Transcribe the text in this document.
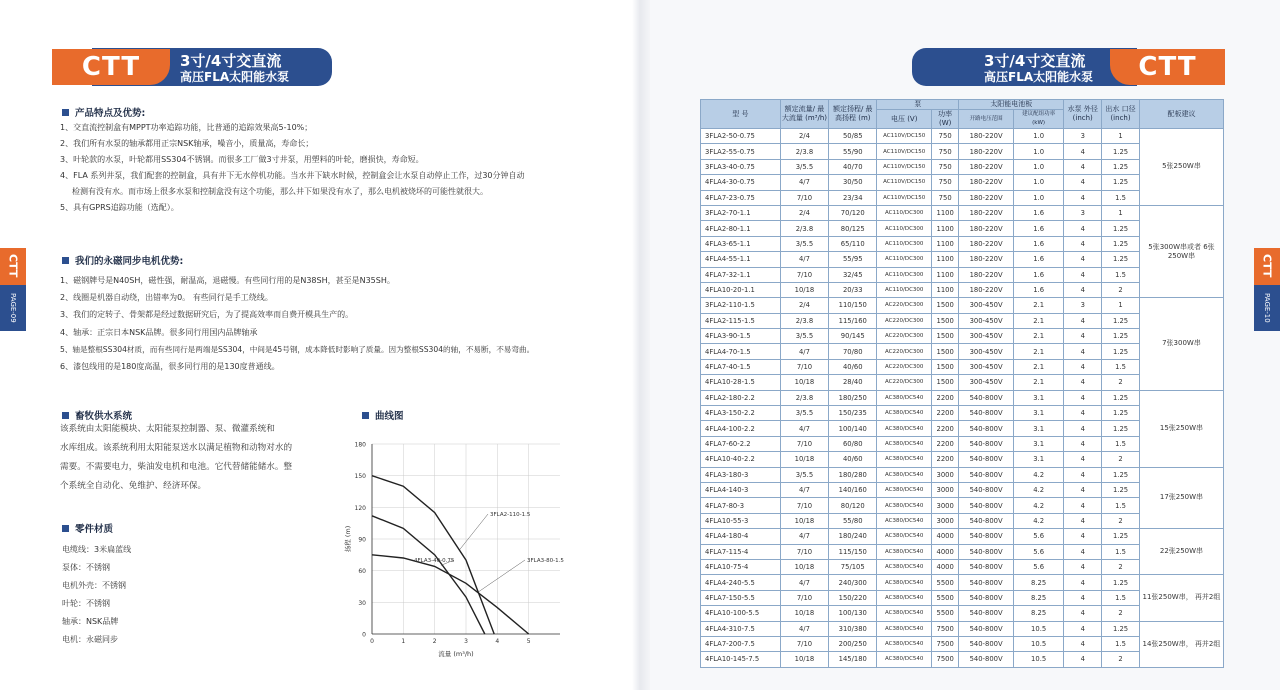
CTT	3寸/4寸交直流
高压FLA太阳能水泵
3寸/4寸交直流
高压FLA太阳能水泵	CTT
CTT
PAGE-09
CTT
PAGE-10
产品特点及优势:

1、交直流控制盒有MPPT功率追踪功能，比普通的追踪效果高5-10%；

2、我们所有水泵的轴承都用正宗NSK轴承，噪音小，质量高，寿命长；

3、叶轮款的水泵，叶轮都用SS304不锈钢。而很多工厂做3寸井泵，用塑料的叶轮，磨损快，寿命短。

4、FLA 系列井泵，我们配套的控制盒，具有井下无水停机功能。当水井下缺水时候，控制盒会让水泵自动停止工作，过30分钟自动

检测有没有水。而市场上很多水泵和控制盒没有这个功能，那么井下如果没有水了，那么电机被烧坏的可能性就很大。

5、具有GPRS追踪功能（选配）。

我们的永磁同步电机优势:

1、磁钢牌号是N40SH，磁性强，耐温高，退磁慢。有些同行用的是N38SH，甚至是N35SH。

2、线圈是机器自动绕，出错率为0。 有些同行是手工绕线。

3、我们的定转子、骨架都是经过数据研究后，为了提高效率而自费开模具生产的。

4、轴承：正宗日本NSK品牌。很多同行用国内品牌轴承

5、轴是整根SS304材质，而有些同行是两端是SS304，中间是45号钢，成本降低时影响了质量。因为整根SS304的轴，不易断，不易弯曲。

6、漆包线用的是180度高温，很多同行用的是130度普通线。

畜牧供水系统

该系统由太阳能模块、太阳能泵控制器、泵、微灌系统和

水库组成。该系统利用太阳能泵送水以满足植物和动物对水的

需要。不需要电力，柴油发电机和电池。它代替储能储水。整

个系统全自动化、免维护、经济环保。

零件材质

电缆线：3米扁蓝线

泵体：不锈钢

电机外壳：不锈钢

叶轮：不锈钢

轴承：NSK品牌

电机：永磁同步

曲线图
0
30
60
90
120
150
180
0	1	2	3	4	5
3FLA2-110-1.5
4FLA3-40-0.75	3FLA3-80-1.5
扬程 (m)
流量 (m³/h)
型 号	额定流量/ 最大流量 (m³/h)	额定扬程/ 最高扬程 (m)	泵		太阳能电池板		水泵 外径 (inch)	出水 口径 (inch)	配板建议
			电压 (V)	功率 (W)	开路电压范围	建议配组功率 (kW)			
3FLA2-50-0.75	2/4	50/85	AC110V/DC150	750	180-220V	1.0	3	1	5张250W串
3FLA2-55-0.75	2/3.8	55/90	AC110V/DC150	750	180-220V	1.0	4	1.25	
3FLA3-40-0.75	3/5.5	40/70	AC110V/DC150	750	180-220V	1.0	4	1.25	
4FLA4-30-0.75	4/7	30/50	AC110V/DC150	750	180-220V	1.0	4	1.25	
4FLA7-23-0.75	7/10	23/34	AC110V/DC150	750	180-220V	1.0	4	1.5	
3FLA2-70-1.1	2/4	70/120	AC110/DC300	1100	180-220V	1.6	3	1	5张300W串或者 6张250W串
4FLA2-80-1.1	2/3.8	80/125	AC110/DC300	1100	180-220V	1.6	4	1.25	
4FLA3-65-1.1	3/5.5	65/110	AC110/DC300	1100	180-220V	1.6	4	1.25	
4FLA4-55-1.1	4/7	55/95	AC110/DC300	1100	180-220V	1.6	4	1.25	
4FLA7-32-1.1	7/10	32/45	AC110/DC300	1100	180-220V	1.6	4	1.5	
4FLA10-20-1.1	10/18	20/33	AC110/DC300	1100	180-220V	1.6	4	2	
3FLA2-110-1.5	2/4	110/150	AC220/DC300	1500	300-450V	2.1	3	1	7张300W串
4FLA2-115-1.5	2/3.8	115/160	AC220/DC300	1500	300-450V	2.1	4	1.25	
4FLA3-90-1.5	3/5.5	90/145	AC220/DC300	1500	300-450V	2.1	4	1.25	
4FLA4-70-1.5	4/7	70/80	AC220/DC300	1500	300-450V	2.1	4	1.25	
4FLA7-40-1.5	7/10	40/60	AC220/DC300	1500	300-450V	2.1	4	1.5	
4FLA10-28-1.5	10/18	28/40	AC220/DC300	1500	300-450V	2.1	4	2	
4FLA2-180-2.2	2/3.8	180/250	AC380/DC540	2200	540-800V	3.1	4	1.25	15张250W串
4FLA3-150-2.2	3/5.5	150/235	AC380/DC540	2200	540-800V	3.1	4	1.25	
4FLA4-100-2.2	4/7	100/140	AC380/DC540	2200	540-800V	3.1	4	1.25	
4FLA7-60-2.2	7/10	60/80	AC380/DC540	2200	540-800V	3.1	4	1.5	
4FLA10-40-2.2	10/18	40/60	AC380/DC540	2200	540-800V	3.1	4	2	
4FLA3-180-3	3/5.5	180/280	AC380/DC540	3000	540-800V	4.2	4	1.25	17张250W串
4FLA4-140-3	4/7	140/160	AC380/DC540	3000	540-800V	4.2	4	1.25	
4FLA7-80-3	7/10	80/120	AC380/DC540	3000	540-800V	4.2	4	1.5	
4FLA10-55-3	10/18	55/80	AC380/DC540	3000	540-800V	4.2	4	2	
4FLA4-180-4	4/7	180/240	AC380/DC540	4000	540-800V	5.6	4	1.25	22张250W串
4FLA7-115-4	7/10	115/150	AC380/DC540	4000	540-800V	5.6	4	1.5	
4FLA10-75-4	10/18	75/105	AC380/DC540	4000	540-800V	5.6	4	2	
4FLA4-240-5.5	4/7	240/300	AC380/DC540	5500	540-800V	8.25	4	1.25	11张250W串， 再并2组
4FLA7-150-5.5	7/10	150/220	AC380/DC540	5500	540-800V	8.25	4	1.5	
4FLA10-100-5.5	10/18	100/130	AC380/DC540	5500	540-800V	8.25	4	2	
4FLA4-310-7.5	4/7	310/380	AC380/DC540	7500	540-800V	10.5	4	1.25	14张250W串， 再并2组
4FLA7-200-7.5	7/10	200/250	AC380/DC540	7500	540-800V	10.5	4	1.5	
4FLA10-145-7.5	10/18	145/180	AC380/DC540	7500	540-800V	10.5	4	2	
